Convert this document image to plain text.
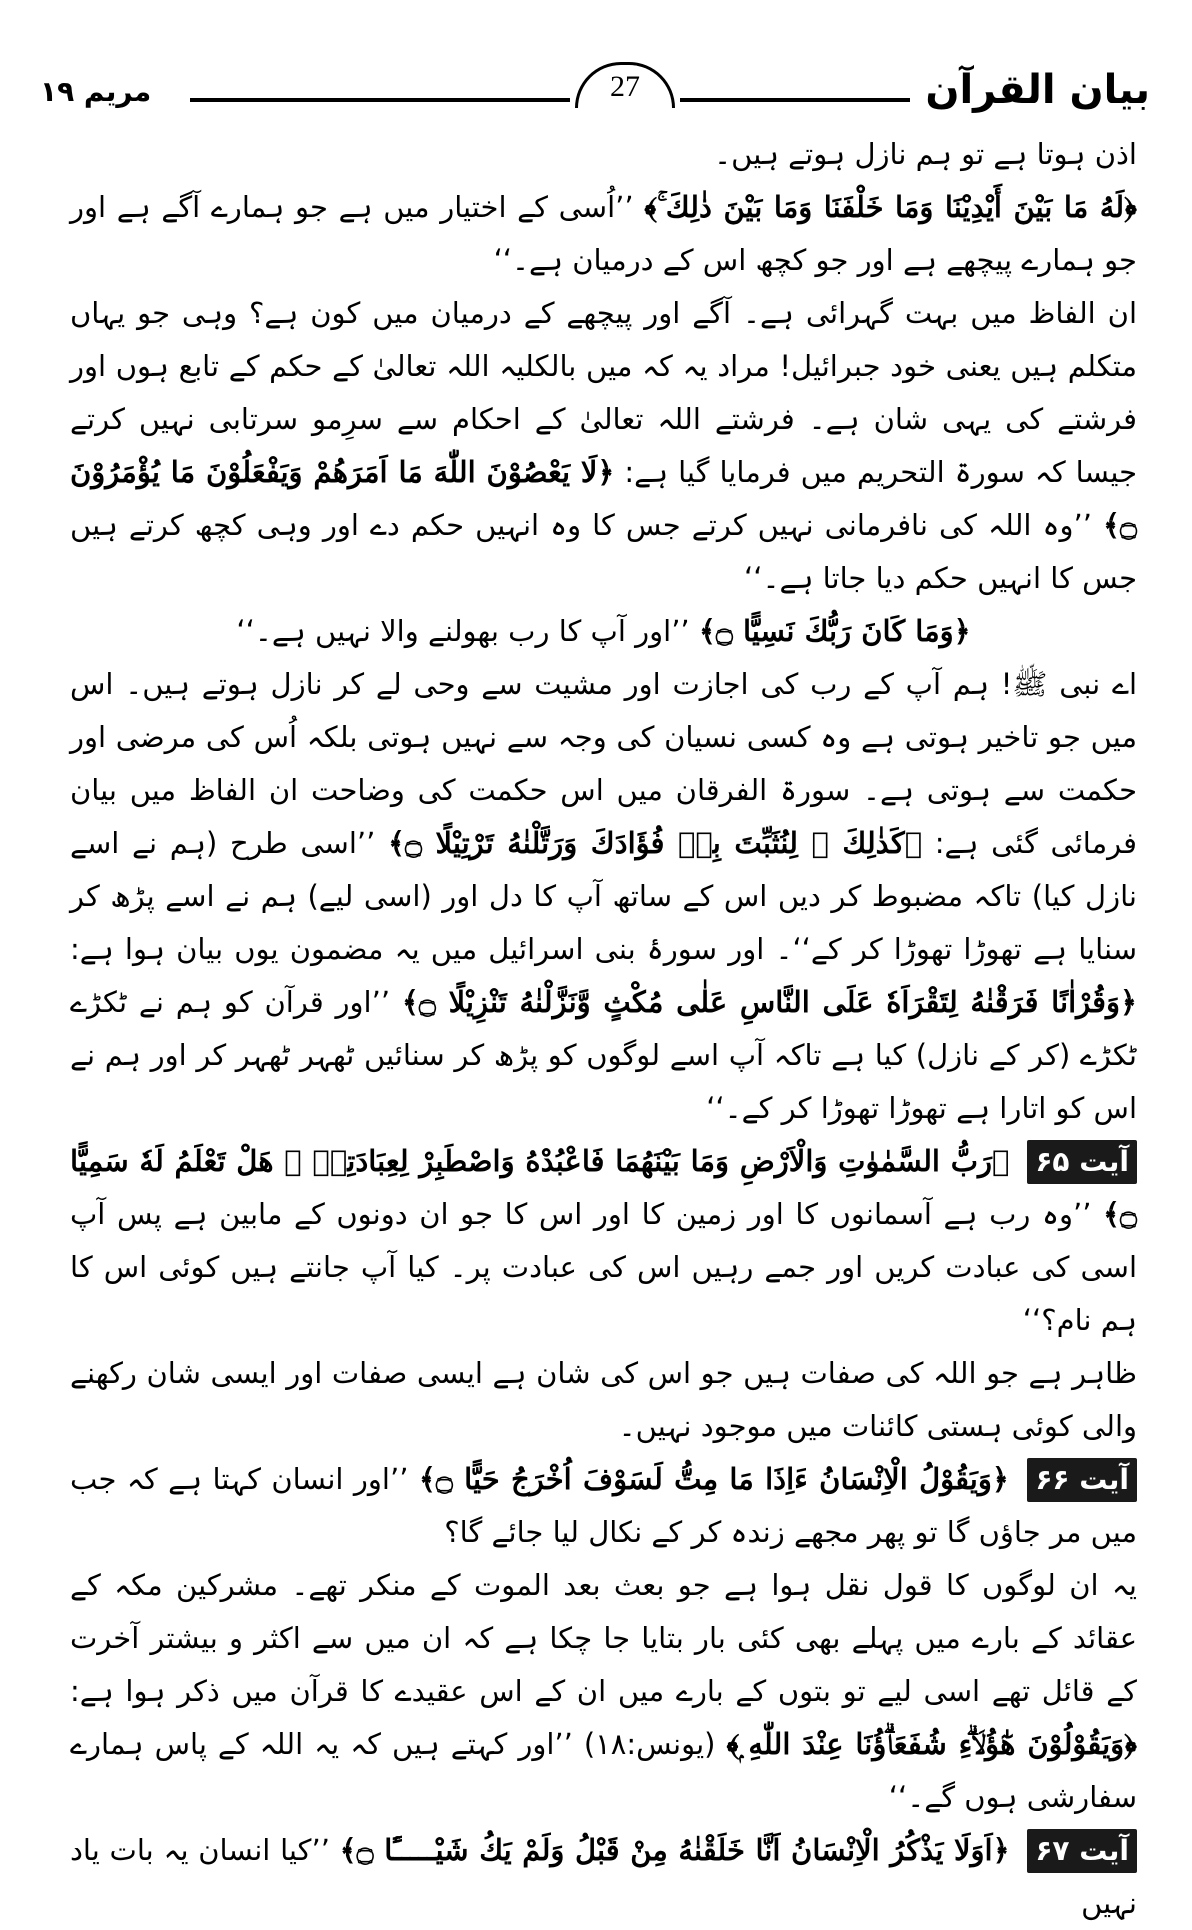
مریم ۱۹	27	بیان القرآن

اذن ہوتا ہے تو ہم نازل ہوتے ہیں۔

﴿لَهُ مَا بَيْنَ أَيْدِيْنَا وَمَا خَلْفَنَا وَمَا بَيْنَ ذٰلِكَ ۚ﴾ ’’اُسی کے اختیار میں ہے جو ہمارے آگے ہے اور جو ہمارے پیچھے ہے اور جو کچھ اس کے درمیان ہے۔‘‘

ان الفاظ میں بہت گہرائی ہے۔ آگے اور پیچھے کے درمیان میں کون ہے؟ وہی جو یہاں متکلم ہیں یعنی خود جبرائیل! مراد یہ کہ میں بالکلیہ اللہ تعالیٰ کے حکم کے تابع ہوں اور فرشتے کی یہی شان ہے۔ فرشتے اللہ تعالیٰ کے احکام سے سرِمو سرتابی نہیں کرتے جیسا کہ سورۃ التحریم میں فرمایا گیا ہے: ﴿لَا يَعْصُوْنَ اللّٰهَ مَا اَمَرَهُمْ وَيَفْعَلُوْنَ مَا يُؤْمَرُوْنَ ۝﴾ ’’وہ اللہ کی نافرمانی نہیں کرتے جس کا وہ انہیں حکم دے اور وہی کچھ کرتے ہیں جس کا انہیں حکم دیا جاتا ہے۔‘‘

﴿وَمَا كَانَ رَبُّكَ نَسِيًّا ۝﴾ ’’اور آپ کا رب بھولنے والا نہیں ہے۔‘‘

اے نبی ﷺ! ہم آپ کے رب کی اجازت اور مشیت سے وحی لے کر نازل ہوتے ہیں۔ اس میں جو تاخیر ہوتی ہے وہ کسی نسیان کی وجہ سے نہیں ہوتی بلکہ اُس کی مرضی اور حکمت سے ہوتی ہے۔ سورۃ الفرقان میں اس حکمت کی وضاحت ان الفاظ میں بیان فرمائی گئی ہے: ﴿كَذٰلِكَ ۚ لِنُثَبِّتَ بِهٖ فُؤَادَكَ وَرَتَّلْنٰهُ تَرْتِيْلًا ۝﴾ ’’اسی طرح (ہم نے اسے نازل کیا) تاکہ مضبوط کر دیں اس کے ساتھ آپ کا دل اور (اسی لیے) ہم نے اسے پڑھ کر سنایا ہے تھوڑا تھوڑا کر کے‘‘۔ اور سورۂ بنی اسرائیل میں یہ مضمون یوں بیان ہوا ہے: ﴿وَقُرْاٰنًا فَرَقْنٰهُ لِتَقْرَاَهٗ عَلَى النَّاسِ عَلٰى مُكْثٍ وَّنَزَّلْنٰهُ تَنْزِيْلًا ۝﴾ ’’اور قرآن کو ہم نے ٹکڑے ٹکڑے (کر کے نازل) کیا ہے تاکہ آپ اسے لوگوں کو پڑھ کر سنائیں ٹھہر ٹھہر کر اور ہم نے اس کو اتارا ہے تھوڑا تھوڑا کر کے۔‘‘

آیت ۶۵ ﴿رَبُّ السَّمٰوٰتِ وَالْاَرْضِ وَمَا بَيْنَهُمَا فَاعْبُدْهُ وَاصْطَبِرْ لِعِبَادَتِهٖ ۭ هَلْ تَعْلَمُ لَهٗ سَمِيًّا ۝﴾ ’’وہ رب ہے آسمانوں کا اور زمین کا اور اس کا جو ان دونوں کے مابین ہے پس آپ اسی کی عبادت کریں اور جمے رہیں اس کی عبادت پر۔ کیا آپ جانتے ہیں کوئی اس کا ہم نام؟‘‘

ظاہر ہے جو اللہ کی صفات ہیں جو اس کی شان ہے ایسی صفات اور ایسی شان رکھنے والی کوئی ہستی کائنات میں موجود نہیں۔

آیت ۶۶ ﴿وَيَقُوْلُ الْاِنْسَانُ ءَاِذَا مَا مِتُّ لَسَوْفَ اُخْرَجُ حَيًّا ۝﴾ ’’اور انسان کہتا ہے کہ جب میں مر جاؤں گا تو پھر مجھے زندہ کر کے نکال لیا جائے گا؟

یہ ان لوگوں کا قول نقل ہوا ہے جو بعث بعد الموت کے منکر تھے۔ مشرکین مکہ کے عقائد کے بارے میں پہلے بھی کئی بار بتایا جا چکا ہے کہ ان میں سے اکثر و بیشتر آخرت کے قائل تھے اسی لیے تو بتوں کے بارے میں ان کے اس عقیدے کا قرآن میں ذکر ہوا ہے: ﴿وَيَقُوْلُوْنَ هٰٓؤُلَاۗءِ شُفَعَاۗؤُنَا عِنْدَ اللّٰهِ ۭ﴾ (یونس:۱۸) ’’اور کہتے ہیں کہ یہ اللہ کے پاس ہمارے سفارشی ہوں گے۔‘‘

آیت ۶۷ ﴿اَوَلَا يَذْكُرُ الْاِنْسَانُ اَنَّا خَلَقْنٰهُ مِنْ قَبْلُ وَلَمْ يَكُ شَيْـــــًٔا ۝﴾ ’’کیا انسان یہ بات یاد نہیں
